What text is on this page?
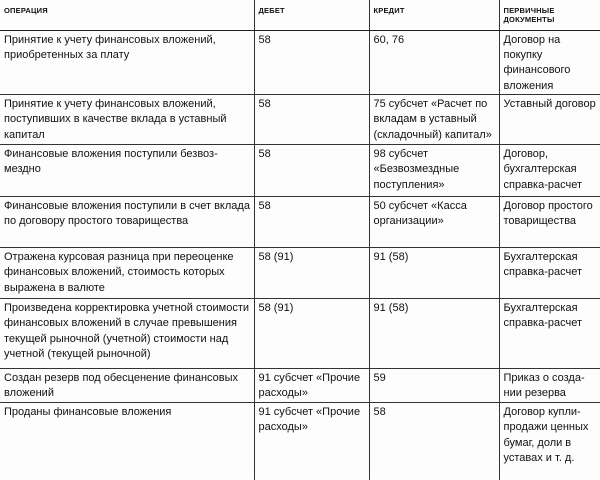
ОПЕРАЦИЯ	ДЕБЕТ	КРЕДИТ	ПЕРВИЧНЫЕ
ДОКУМЕНТЫ

Принятие к учету финансовых вложений, приобретенных за плату	58	60, 76	Договор на покупку финансового вложения
Принятие к учету финансовых вложений, поступивших в качестве вклада в уставный капитал	58	75 субсчет «Расчет по вкладам в уставный (складочный) капитал»	Уставный договор
Финансовые вложения поступили безвозмездно	58	98 субсчет «Безвозмездные поступления»	Договор, бухгалтерская справка-расчет
Финансовые вложения поступили в счет вклада по договору простого товарищества	58	50 субсчет «Касса организации»	Договор простого товарищества
Отражена курсовая разница при переоценке финансовых вложений, стоимость которых выражена в валюте	58 (91)	91 (58)	Бухгалтерская справка-расчет
Произведена корректировка учетной стоимости финансовых вложений в случае превышения текущей рыночной (учетной) стоимости над учетной (текущей рыночной)	58 (91)	91 (58)	Бухгалтерская справка-расчет
Создан резерв под обесценение финансовых вложений	91 субсчет «Прочие расходы»	59	Приказ о создании резерва
Проданы финансовые вложения	91 субсчет «Прочие расходы»	58	Договор купли-продажи ценных бумаг, доли в уставах и т. д.
